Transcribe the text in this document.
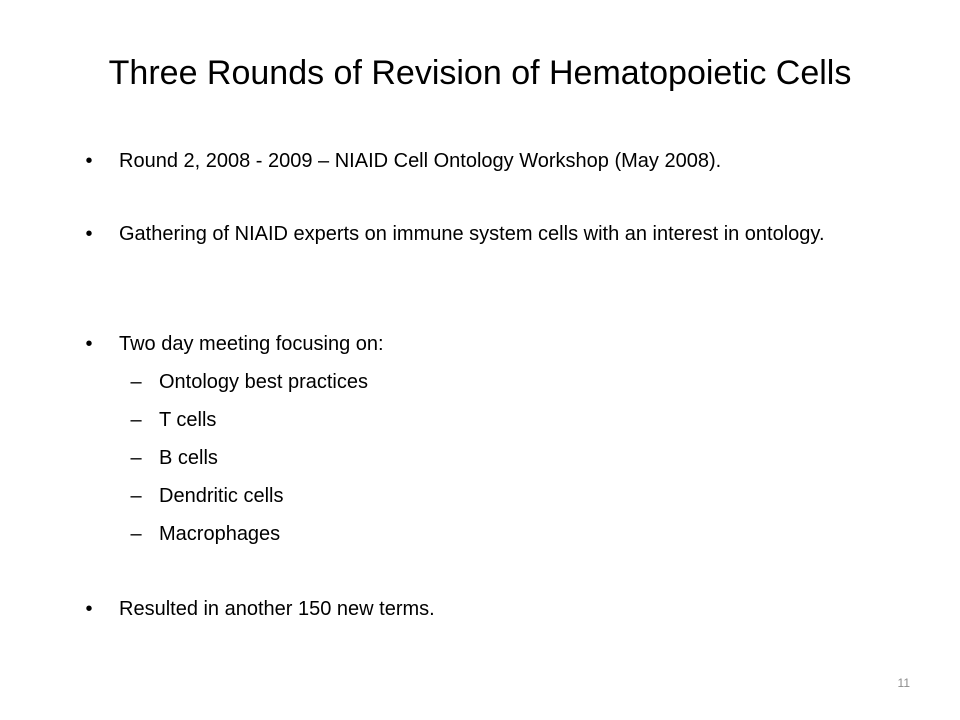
Three Rounds of Revision of Hematopoietic Cells
•	Round 2, 2008 - 2009 – NIAID Cell Ontology Workshop (May 2008).
•	Gathering of NIAID experts on immune system cells with an interest in ontology.
•	Two day meeting focusing on:
– Ontology best practices
– T cells
– B cells
– Dendritic cells
– Macrophages
•	Resulted in another 150 new terms.
11
